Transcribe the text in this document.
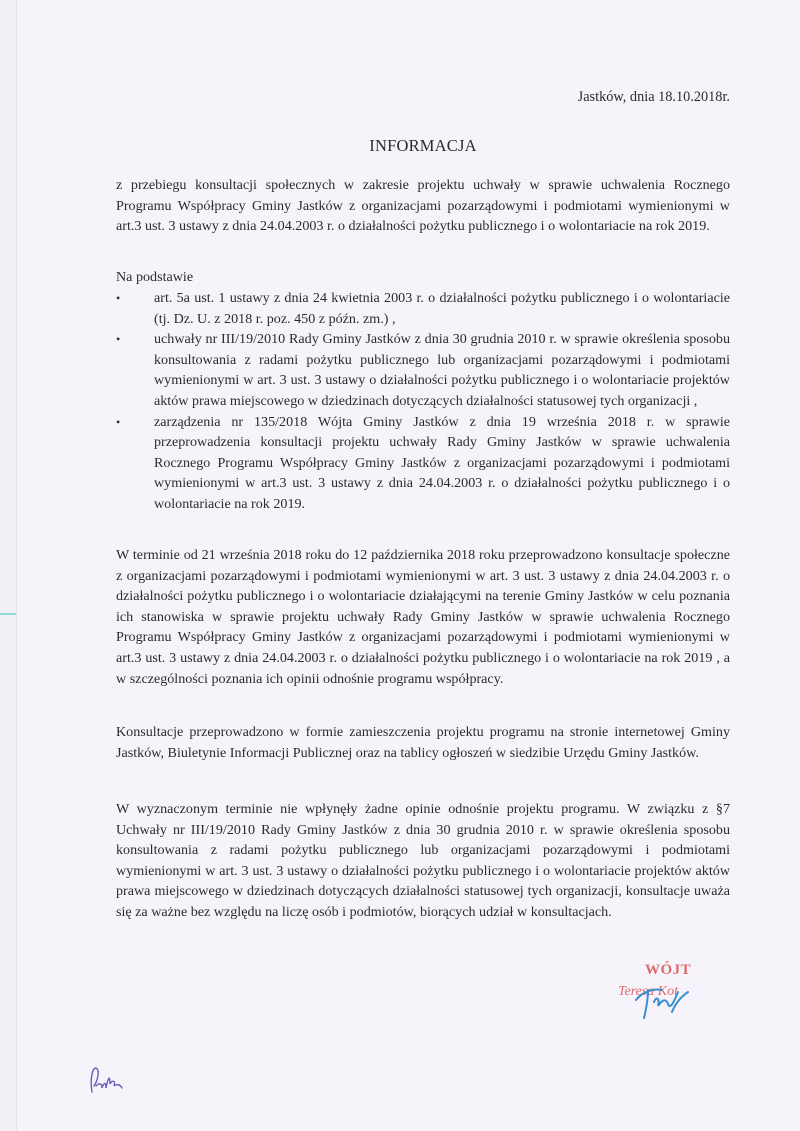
Jastków, dnia 18.10.2018r.
INFORMACJA

z przebiegu konsultacji społecznych w zakresie projektu uchwały w sprawie uchwalenia Rocznego Programu Współpracy Gminy Jastków z organizacjami pozarządowymi i podmiotami wymienionymi w art.3 ust. 3 ustawy z dnia 24.04.2003 r. o działalności pożytku publicznego i o wolontariacie na rok 2019.

Na podstawie

• art. 5a ust. 1 ustawy z dnia 24 kwietnia 2003 r. o działalności pożytku publicznego i o wolontariacie (tj. Dz. U. z 2018 r. poz. 450 z późn. zm.) ,
• uchwały nr III/19/2010 Rady Gminy Jastków z dnia 30 grudnia 2010 r. w sprawie określenia sposobu konsultowania z radami pożytku publicznego lub organizacjami pozarządowymi i podmiotami wymienionymi w art. 3 ust. 3 ustawy o działalności pożytku publicznego i o wolontariacie projektów aktów prawa miejscowego w dziedzinach dotyczących działalności statusowej tych organizacji ,
• zarządzenia nr 135/2018 Wójta Gminy Jastków z dnia 19 września 2018 r. w sprawie przeprowadzenia konsultacji projektu uchwały Rady Gminy Jastków w sprawie uchwalenia Rocznego Programu Współpracy Gminy Jastków z organizacjami pozarządowymi i podmiotami wymienionymi w art.3 ust. 3 ustawy z dnia 24.04.2003 r. o działalności pożytku publicznego i o wolontariacie na rok 2019.

W terminie od 21 września 2018 roku do 12 października 2018 roku przeprowadzono konsultacje społeczne z organizacjami pozarządowymi i podmiotami wymienionymi w art. 3 ust. 3 ustawy z dnia 24.04.2003 r. o działalności pożytku publicznego i o wolontariacie działającymi na terenie Gminy Jastków w celu poznania ich stanowiska w sprawie projektu uchwały Rady Gminy Jastków w sprawie uchwalenia Rocznego Programu Współpracy Gminy Jastków z organizacjami pozarządowymi i podmiotami wymienionymi w art.3 ust. 3 ustawy z dnia 24.04.2003 r. o działalności pożytku publicznego i o wolontariacie na rok 2019 , a w szczególności poznania ich opinii odnośnie programu współpracy.

Konsultacje przeprowadzono w formie zamieszczenia projektu programu na stronie internetowej Gminy Jastków, Biuletynie Informacji Publicznej oraz na tablicy ogłoszeń w siedzibie Urzędu Gminy Jastków.

W wyznaczonym terminie nie wpłynęły żadne opinie odnośnie projektu programu. W związku z §7 Uchwały nr III/19/2010 Rady Gminy Jastków z dnia 30 grudnia 2010 r. w sprawie określenia sposobu konsultowania z radami pożytku publicznego lub organizacjami pozarządowymi i podmiotami wymienionymi w art. 3 ust. 3 ustawy o działalności pożytku publicznego i o wolontariacie projektów aktów prawa miejscowego w dziedzinach dotyczących działalności statusowej tych organizacji, konsultacje uważa się za ważne bez względu na liczę osób i podmiotów, biorących udział w konsultacjach.

WÓJT
Teresa Kot
